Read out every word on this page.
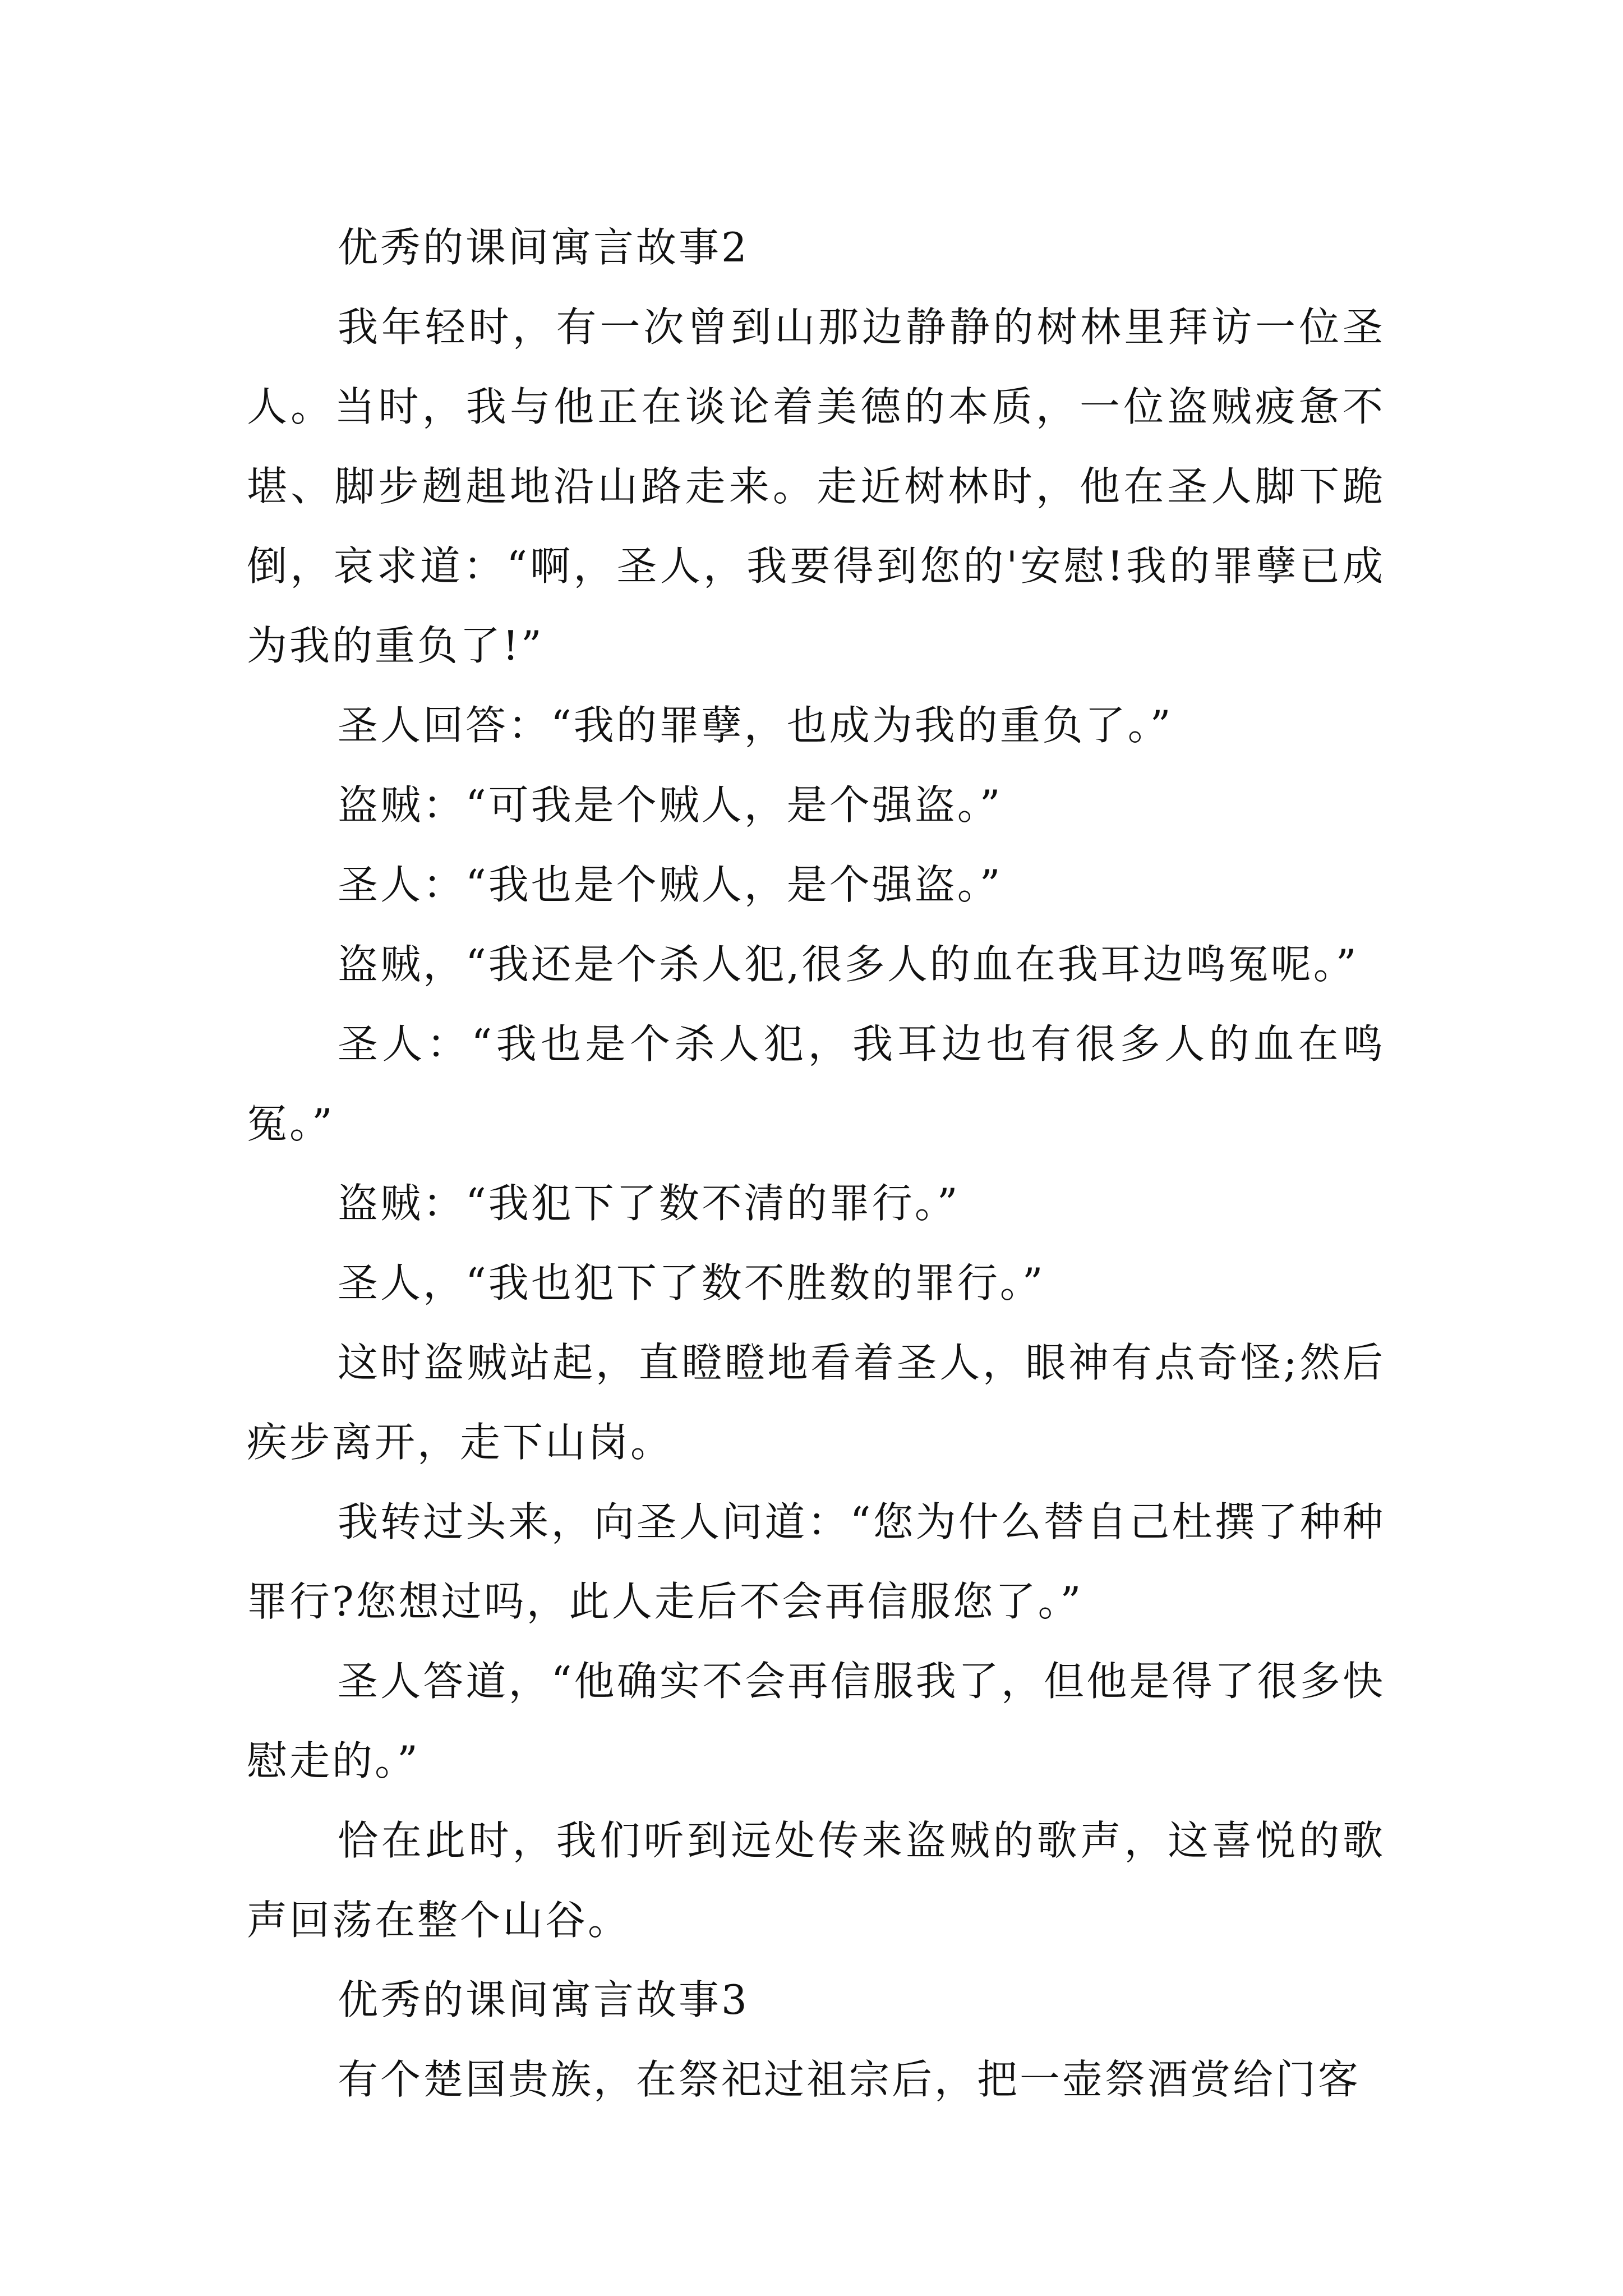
优秀的课间寓言故事2

我年轻时，有一次曾到山那边静静的树林里拜访一位圣人。当时，我与他正在谈论着美德的本质，一位盗贼疲惫不堪、脚步趔趄地沿山路走来。走近树林时，他在圣人脚下跪倒，哀求道：“啊，圣人，我要得到您的'安慰!我的罪孽已成为我的重负了!”

圣人回答：“我的罪孽，也成为我的重负了。”

盗贼：“可我是个贼人，是个强盗。”

圣人：“我也是个贼人，是个强盗。”

盗贼，“我还是个杀人犯,很多人的血在我耳边鸣冤呢。”

圣人：“我也是个杀人犯，我耳边也有很多人的血在鸣冤。”

盗贼：“我犯下了数不清的罪行。”

圣人，“我也犯下了数不胜数的罪行。”

这时盗贼站起，直瞪瞪地看着圣人，眼神有点奇怪;然后疾步离开，走下山岗。

我转过头来，向圣人问道：“您为什么替自己杜撰了种种罪行?您想过吗，此人走后不会再信服您了。”

圣人答道，“他确实不会再信服我了，但他是得了很多快慰走的。”

恰在此时，我们听到远处传来盗贼的歌声，这喜悦的歌声回荡在整个山谷。

优秀的课间寓言故事3

有个楚国贵族，在祭祀过祖宗后，把一壶祭酒赏给门客
